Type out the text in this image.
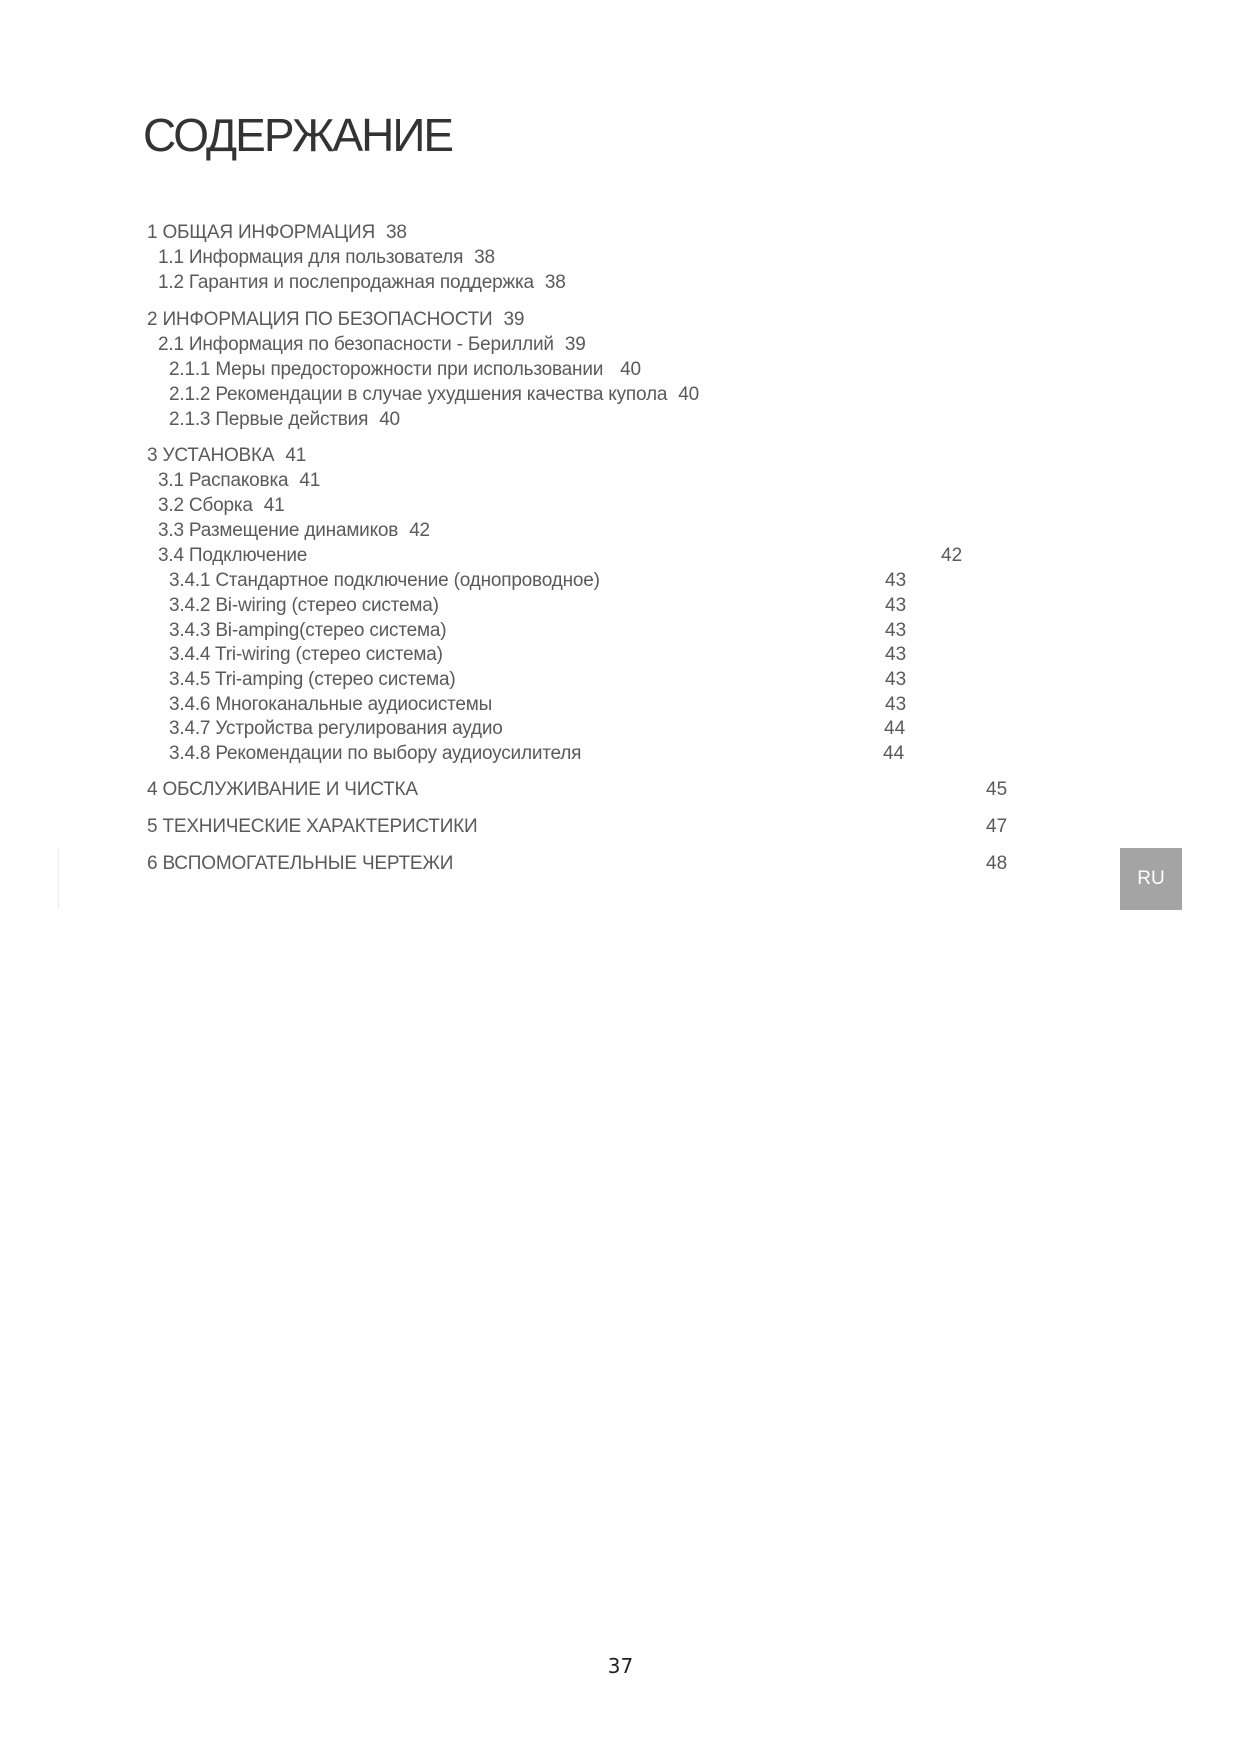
СОДЕРЖАНИЕ
1 ОБЩАЯ ИНФОРМАЦИЯ 38
1.1 Информация для пользователя 38
1.2 Гарантия и послепродажная поддержка 38
2 ИНФОРМАЦИЯ ПО БЕЗОПАСНОСТИ 39
2.1 Информация по безопасности - Бериллий 39
2.1.1 Меры предосторожности при использовании 40
2.1.2 Рекомендации в случае ухудшения качества купола 40
2.1.3 Первые действия 40
3 УСТАНОВКА 41
3.1 Распаковка 41
3.2 Сборка 41
3.3 Размещение динамиков 42
3.4 Подключение	42
3.4.1 Стандартное подключение (однопроводное)	43
3.4.2 Bi-wiring (стерео система)	43
3.4.3 Bi-amping(стерео система)	43
3.4.4 Tri-wiring (стерео система)	43
3.4.5 Tri-amping (стерео система)	43
3.4.6 Многоканальные аудиосистемы	43
3.4.7 Устройства регулирования аудио	44
3.4.8 Рекомендации по выбору аудиоусилителя	44
4 ОБСЛУЖИВАНИЕ И ЧИСТКА	45
5 ТЕХНИЧЕСКИЕ ХАРАКТЕРИСТИКИ	47
6 ВСПОМОГАТЕЛЬНЫЕ ЧЕРТЕЖИ	48
RU
37
